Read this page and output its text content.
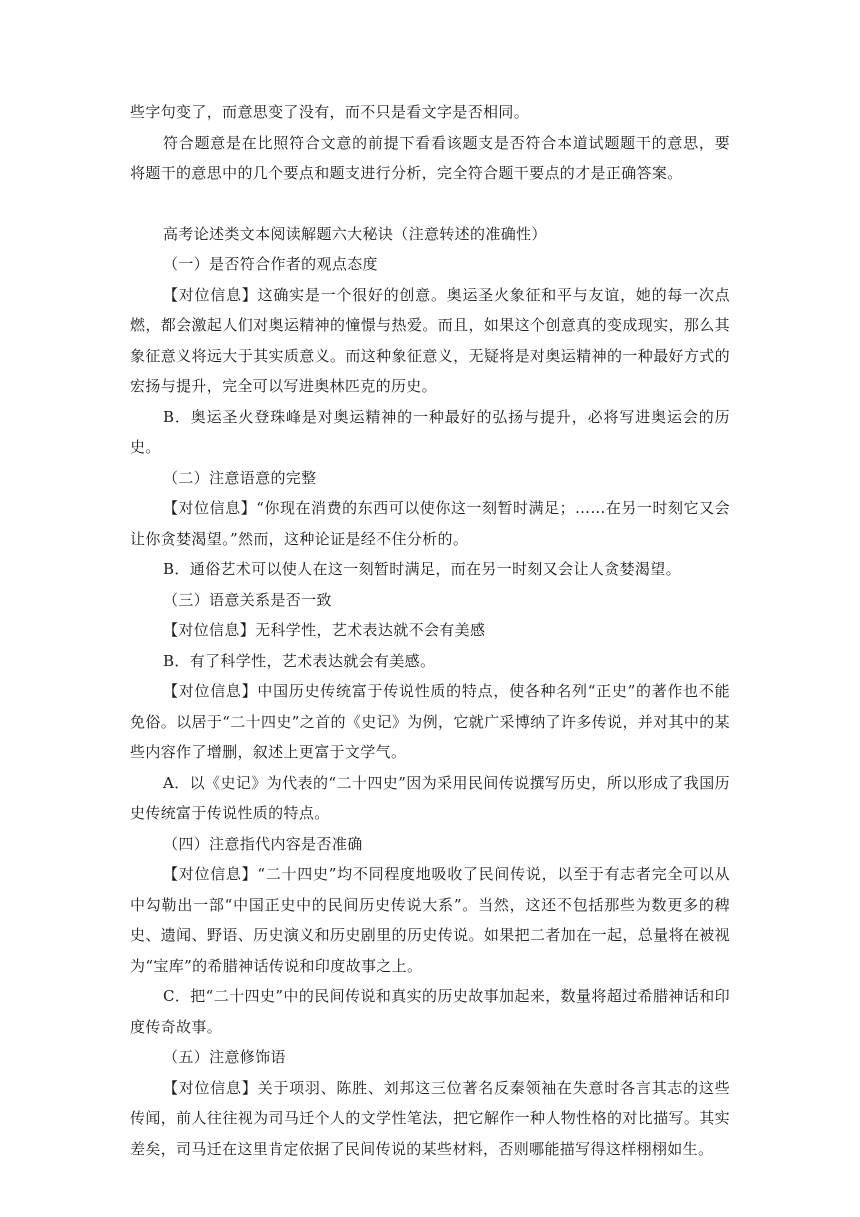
些字句变了，而意思变了没有，而不只是看文字是否相同。
符合题意是在比照符合文意的前提下看看该题支是否符合本道试题题干的意思，要将题干的意思中的几个要点和题支进行分析，完全符合题干要点的才是正确答案。
高考论述类文本阅读解题六大秘诀（注意转述的准确性）
（一）是否符合作者的观点态度
【对位信息】这确实是一个很好的创意。奥运圣火象征和平与友谊，她的每一次点燃，都会激起人们对奥运精神的憧憬与热爱。而且，如果这个创意真的变成现实，那么其象征意义将远大于其实质意义。而这种象征意义，无疑将是对奥运精神的一种最好方式的宏扬与提升，完全可以写进奥林匹克的历史。
B．奥运圣火登珠峰是对奥运精神的一种最好的弘扬与提升，必将写进奥运会的历史。
（二）注意语意的完整
【对位信息】“你现在消费的东西可以使你这一刻暂时满足；……在另一时刻它又会让你贪婪渴望。”然而，这种论证是经不住分析的。
B．通俗艺术可以使人在这一刻暂时满足，而在另一时刻又会让人贪婪渴望。
（三）语意关系是否一致
【对位信息】无科学性，艺术表达就不会有美感
B．有了科学性，艺术表达就会有美感。
【对位信息】中国历史传统富于传说性质的特点，使各种名列“正史”的著作也不能免俗。以居于“二十四史”之首的《史记》为例，它就广采博纳了许多传说，并对其中的某些内容作了增删，叙述上更富于文学气。
A．以《史记》为代表的“二十四史”因为采用民间传说撰写历史，所以形成了我国历史传统富于传说性质的特点。
（四）注意指代内容是否准确
【对位信息】“二十四史”均不同程度地吸收了民间传说，以至于有志者完全可以从中勾勒出一部“中国正史中的民间历史传说大系”。当然，这还不包括那些为数更多的稗史、遗闻、野语、历史演义和历史剧里的历史传说。如果把二者加在一起，总量将在被视为“宝库”的希腊神话传说和印度故事之上。
C．把“二十四史”中的民间传说和真实的历史故事加起来，数量将超过希腊神话和印度传奇故事。
（五）注意修饰语
【对位信息】关于项羽、陈胜、刘邦这三位著名反秦领袖在失意时各言其志的这些传闻，前人往往视为司马迁个人的文学性笔法，把它解作一种人物性格的对比描写。其实差矣，司马迁在这里肯定依据了民间传说的某些材料，否则哪能描写得这样栩栩如生。
